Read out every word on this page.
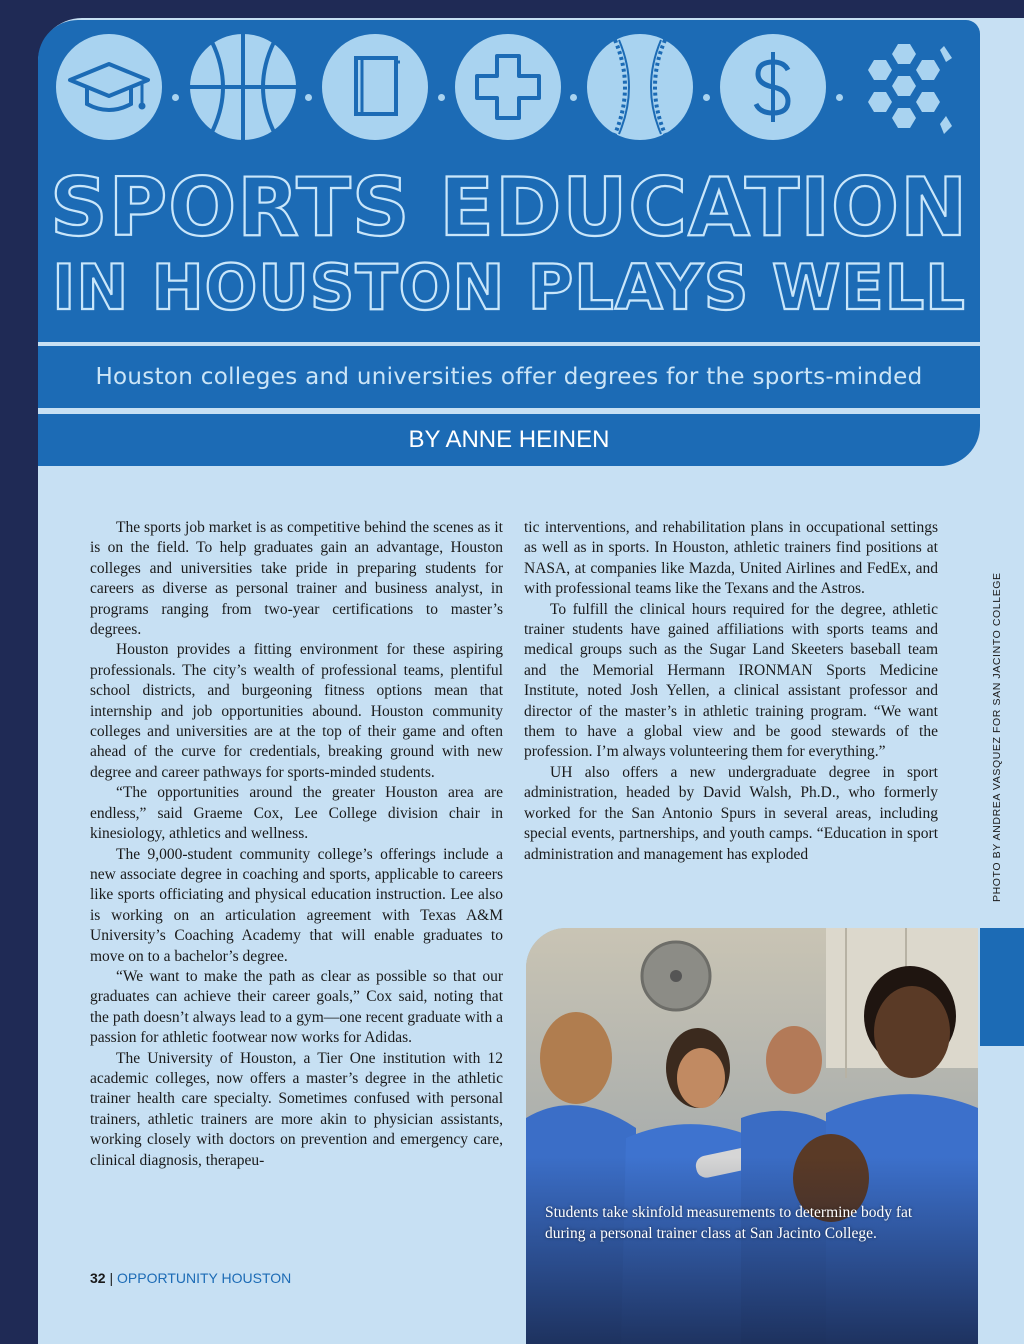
SPORTS EDUCATION
IN HOUSTON PLAYS WELL
Houston colleges and universities offer degrees for the sports-minded
BY ANNE HEINEN

The sports job market is as competitive behind the scenes as it is on the field. To help graduates gain an advantage, Houston colleges and universities take pride in preparing students for careers as diverse as personal trainer and business analyst, in programs ranging from two-year certifications to master’s degrees.

Houston provides a fitting environment for these aspiring professionals. The city’s wealth of professional teams, plentiful school districts, and burgeoning fitness options mean that internship and job opportunities abound. Houston community colleges and universities are at the top of their game and often ahead of the curve for credentials, breaking ground with new degree and career pathways for sports-minded students.

“The opportunities around the greater Houston area are endless,” said Graeme Cox, Lee College division chair in kinesiology, athletics and wellness.

The 9,000-student community college’s offerings include a new associate degree in coaching and sports, applicable to careers like sports officiating and physical education instruction. Lee also is working on an articulation agreement with Texas A&M University’s Coaching Academy that will enable graduates to move on to a bachelor’s degree.

“We want to make the path as clear as possible so that our graduates can achieve their career goals,” Cox said, noting that the path doesn’t always lead to a gym—one recent graduate with a passion for athletic footwear now works for Adidas.

The University of Houston, a Tier One institution with 12 academic colleges, now offers a master’s degree in the athletic trainer health care specialty. Sometimes confused with personal trainers, athletic trainers are more akin to physician assistants, working closely with doctors on prevention and emergency care, clinical diagnosis, therapeu-

tic interventions, and rehabilitation plans in occupational settings as well as in sports. In Houston, athletic trainers find positions at NASA, at companies like Mazda, United Airlines and FedEx, and with professional teams like the Texans and the Astros.

To fulfill the clinical hours required for the degree, athletic trainer students have gained affiliations with sports teams and medical groups such as the Sugar Land Skeeters baseball team and the Memorial Hermann IRONMAN Sports Medicine Institute, noted Josh Yellen, a clinical assistant professor and director of the master’s in athletic training program. “We want them to have a global view and be good stewards of the profession. I’m always volunteering them for everything.”

UH also offers a new undergraduate degree in sport administration, headed by David Walsh, Ph.D., who formerly worked for the San Antonio Spurs in several areas, including special events, partnerships, and youth camps. “Education in sport administration and management has exploded

Students take skinfold measurements to determine body fat during a personal trainer class at San Jacinto College.
PHOTO BY ANDREA VASQUEZ FOR SAN JACINTO COLLEGE
32 | OPPORTUNITY HOUSTON
